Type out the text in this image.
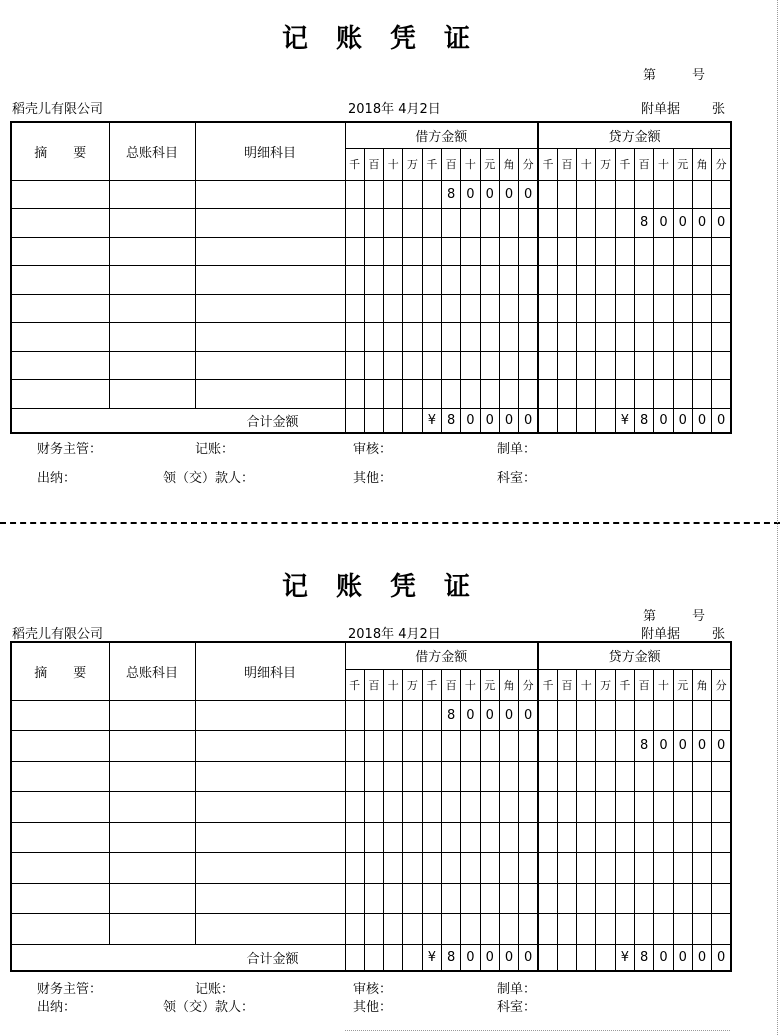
记账凭证
第	号
稻壳儿有限公司	2018年 4月2日	附单据 张
摘　　要	总账科目	明细科目	借方金额										贷方金额									
			千	百	十	万	千	百	十	元	角	分	千	百	十	万	千	百	十	元	角	分
								8	0	0	0	0										
																		8	0	0	0	0

合计金额							¥	8	0	0	0	0					¥	8	0	0	0	0
财务主管：	记账：	审核：	制单：
出纳：	领（交）款人：	其他：	科室：
记账凭证
第	号
稻壳儿有限公司	2018年 4月2日	附单据 张
摘　　要	总账科目	明细科目	借方金额										贷方金额									
			千	百	十	万	千	百	十	元	角	分	千	百	十	万	千	百	十	元	角	分
								8	0	0	0	0										
																		8	0	0	0	0

合计金额							¥	8	0	0	0	0					¥	8	0	0	0	0
财务主管：	记账：	审核：	制单：
出纳：	领（交）款人：	其他：	科室：
